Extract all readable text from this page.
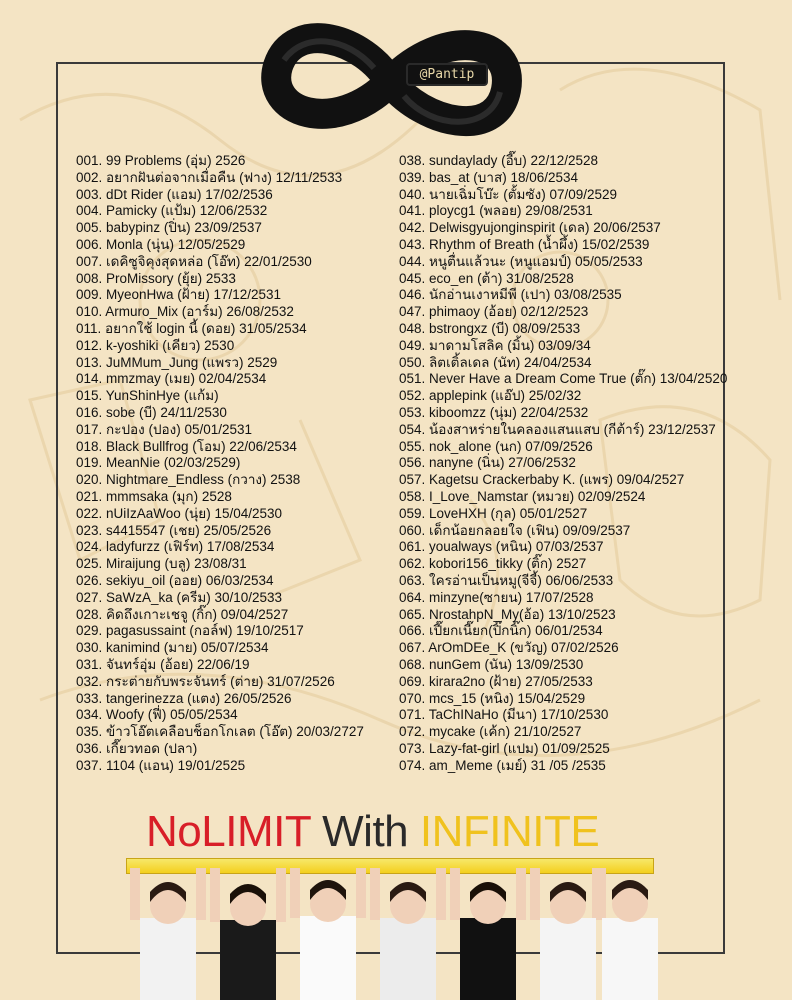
@Pantip
001. 99 Problems (อุ่ม) 2526
002. อยากฝันต่อจากเมื่อคืน (ฟาง) 12/11/2533
003. dDt Rider (แอม) 17/02/2536
004. Pamicky (แป้ม) 12/06/2532
005. babypinz (ปิ่น) 23/09/2537
006. Monla (นุ่น) 12/05/2529
007. เดคิซูจิคุงสุดหล่อ (โอ๊ท) 22/01/2530
008. ProMissory (ยุ้ย) 2533
009. MyeonHwa (ฝ้าย) 17/12/2531
010. Armuro_Mix (อาร์ม) 26/08/2532
011. อยากใช้ login นี้ (ดอย) 31/05/2534
012. k-yoshiki (เคียว) 2530
013. JuMMum_Jung (แพรว) 2529
014. mmzmay (เมย) 02/04/2534
015. YunShinHye (แก้ม)
016. sobe (บี) 24/11/2530
017. กะปอง (ปอง) 05/01/2531
018. Black Bullfrog (โอม) 22/06/2534
019. MeanNie (02/03/2529)
020. Nightmare_Endless (กวาง) 2538
021. mmmsaka (มุก) 2528
022. nUiIzAaWoo (นุ่ย) 15/04/2530
023. s4415547 (เชย) 25/05/2526
024. ladyfurzz (เฟิร์ท) 17/08/2534
025. Miraijung (บลู) 23/08/31
026. sekiyu_oil (ออย) 06/03/2534
027. SaWzA_ka (ครีม) 30/10/2533
028. คิดถึงเกาะเชจู (กิ๊ก) 09/04/2527
029. pagasussaint (กอล์ฟ) 19/10/2517
030. kanimind (มาย) 05/07/2534
031. จันทร์อุ่ม (อ้อย) 22/06/19
032. กระต่ายกับพระจันทร์ (ต่าย) 31/07/2526
033. tangerinezza (แตง) 26/05/2526
034. Woofy (ฟี่) 05/05/2534
035. ข้าวโอ๊ตเคลือบช็อกโกเลต (โอ๊ต) 20/03/2727
036. เกี๊ยวทอด (ปลา)
037. 1104 (แอน) 19/01/2525
038. sundaylady (อี๊บ) 22/12/2528
039. bas_at (บาส) 18/06/2534
040. นายเฉิ่มโบ๊ะ (ตั้มซัง) 07/09/2529
041. ploycg1 (พลอย) 29/08/2531
042. Delwisgyujonginspirit (เดล) 20/06/2537
043. Rhythm of Breath (น้ำผึ้ง) 15/02/2539
044. หนูตื่นแล้วนะ (หนูแอมป์) 05/05/2533
045. eco_en (ต้า) 31/08/2528
046. นักอ่านเงาหมีพี (เปา) 03/08/2535
047. phimaoy (อ้อย) 02/12/2523
048. bstrongxz (บี) 08/09/2533
049. มาดามโสลิค (มิ้น) 03/09/34
050. ลิตเติ้ลเดล (นัท) 24/04/2534
051. Never Have a Dream Come True (ตั๊ก) 13/04/2520
052. applepink (แอ๊ป) 25/02/32
053. kiboomzz (นุ่ม) 22/04/2532
054. น้องสาหร่ายในคลองแสนแสบ (กีต้าร์) 23/12/2537
055. nok_alone (นก) 07/09/2526
056. nanyne (นิ่น) 27/06/2532
057. Kagetsu Crackerbaby K. (แพร) 09/04/2527
058. I_Love_Namstar (หมวย) 02/09/2524
059. LoveHXH (กุล) 05/01/2527
060. เด็กน้อยกลอยใจ (เฟิน) 09/09/2537
061. youalways (หนิน) 07/03/2537
062. kobori156_tikky (ติ๊ก) 2527
063. ใครอ่านเป็นหมู(จีจี้) 06/06/2533
064. minzyne(ซายน) 17/07/2528
065. NrostahpN_My(อ้อ) 13/10/2523
066. เปี๊ยกเนี๊ยก(ปิ๊กนิ๊ก) 06/01/2534
067. ArOmDEe_K (ขวัญ) 07/02/2526
068. nunGem (นัน) 13/09/2530
069. kirara2no (ฝ้าย) 27/05/2533
070. mcs_15 (หนิง) 15/04/2529
071. TaChINaHo (มีนา) 17/10/2530
072. mycake (เค้ก) 21/10/2527
073. Lazy-fat-girl (แปม) 01/09/2525
074. am_Meme (เมย์) 31 /05 /2535
NoLIMIT With INFINITE
